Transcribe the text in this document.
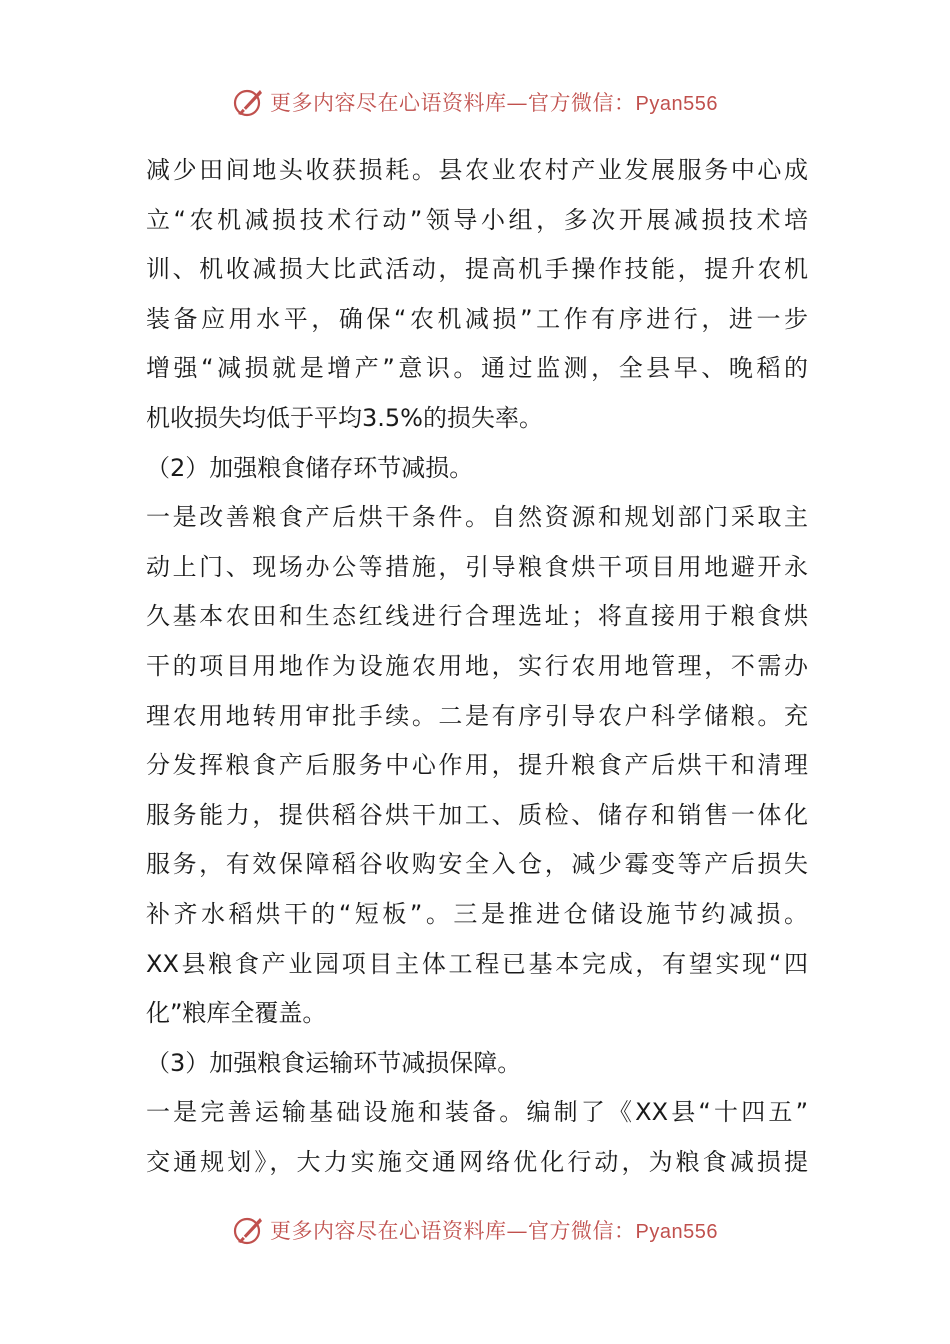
更多内容尽在心语资料库—官方微信：Pyan556
减少田间地头收获损耗。县农业农村产业发展服务中心成
立“农机减损技术行动”领导小组，多次开展减损技术培
训、机收减损大比武活动，提高机手操作技能，提升农机
装备应用水平，确保“农机减损”工作有序进行，进一步
增强“减损就是增产”意识。通过监测，全县早、晚稻的
机收损失均低于平均3.5%的损失率。
（2）加强粮食储存环节减损。
一是改善粮食产后烘干条件。自然资源和规划部门采取主
动上门、现场办公等措施，引导粮食烘干项目用地避开永
久基本农田和生态红线进行合理选址；将直接用于粮食烘
干的项目用地作为设施农用地，实行农用地管理，不需办
理农用地转用审批手续。二是有序引导农户科学储粮。充
分发挥粮食产后服务中心作用，提升粮食产后烘干和清理
服务能力，提供稻谷烘干加工、质检、储存和销售一体化
服务，有效保障稻谷收购安全入仓，减少霉变等产后损失
补齐水稻烘干的“短板”。三是推进仓储设施节约减损。
XX县粮食产业园项目主体工程已基本完成，有望实现“四
化”粮库全覆盖。
（3）加强粮食运输环节减损保障。
一是完善运输基础设施和装备。编制了《XX县“十四五”
交通规划》，大力实施交通网络优化行动，为粮食减损提
更多内容尽在心语资料库—官方微信：Pyan556
